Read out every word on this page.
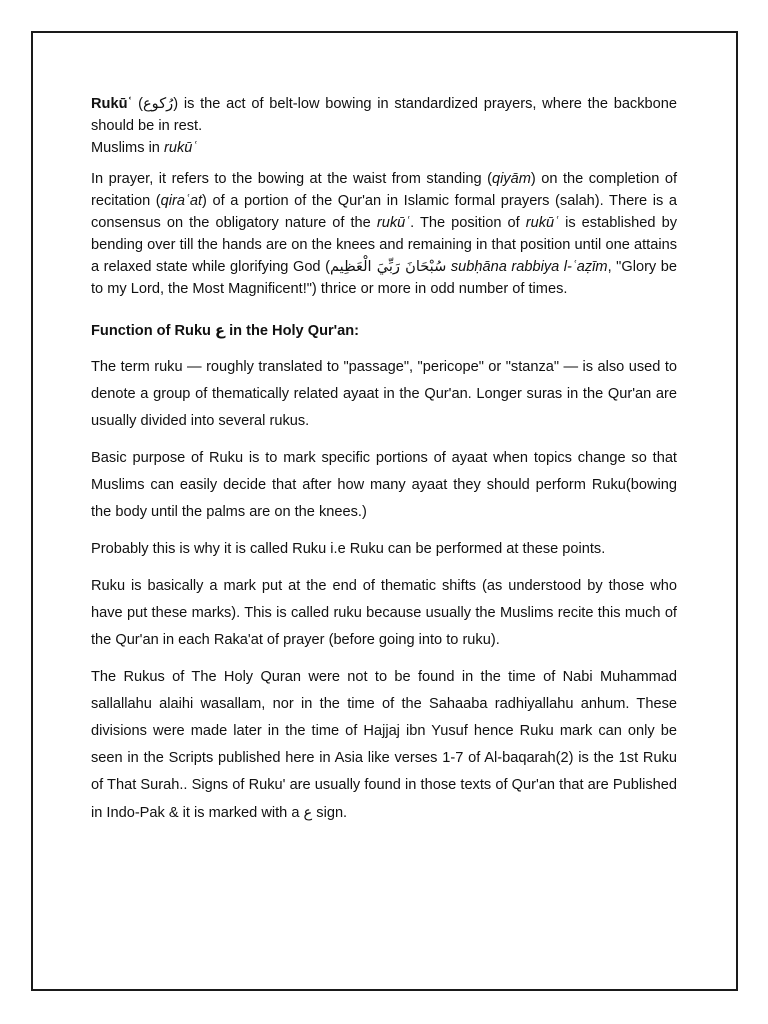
Rukūʿ (رُكوع) is the act of belt-low bowing in standardized prayers, where the backbone should be in rest.

Muslims in rukūʿ

In prayer, it refers to the bowing at the waist from standing (qiyām) on the completion of recitation (qiraʿat) of a portion of the Qur'an in Islamic formal prayers (salah). There is a consensus on the obligatory nature of the rukūʿ. The position of rukūʿ is established by bending over till the hands are on the knees and remaining in that position until one attains a relaxed state while glorifying God (سُبْحَانَ رَبِّيَ الْعَظِيم subḥāna rabbiya l-ʿaẓīm, "Glory be to my Lord, the Most Magnificent!") thrice or more in odd number of times.

Function of Ruku ع in the Holy Qur'an:

The term ruku — roughly translated to "passage", "pericope" or "stanza" — is also used to denote a group of thematically related ayaat in the Qur'an. Longer suras in the Qur'an are usually divided into several rukus.

Basic purpose of Ruku is to mark specific portions of ayaat when topics change so that Muslims can easily decide that after how many ayaat they should perform Ruku(bowing the body until the palms are on the knees.)

Probably this is why it is called Ruku i.e Ruku can be performed at these points.

Ruku is basically a mark put at the end of thematic shifts (as understood by those who have put these marks). This is called ruku because usually the Muslims recite this much of the Qur'an in each Raka'at of prayer (before going into to ruku).

The Rukus of The Holy Quran were not to be found in the time of Nabi Muhammad sallallahu alaihi wasallam, nor in the time of the Sahaaba radhiyallahu anhum. These divisions were made later in the time of Hajjaj ibn Yusuf hence Ruku mark can only be seen in the Scripts published here in Asia like verses 1-7 of Al-baqarah(2) is the 1st Ruku of That Surah.. Signs of Ruku' are usually found in those texts of Qur'an that are Published in Indo-Pak & it is marked with a ع sign.
